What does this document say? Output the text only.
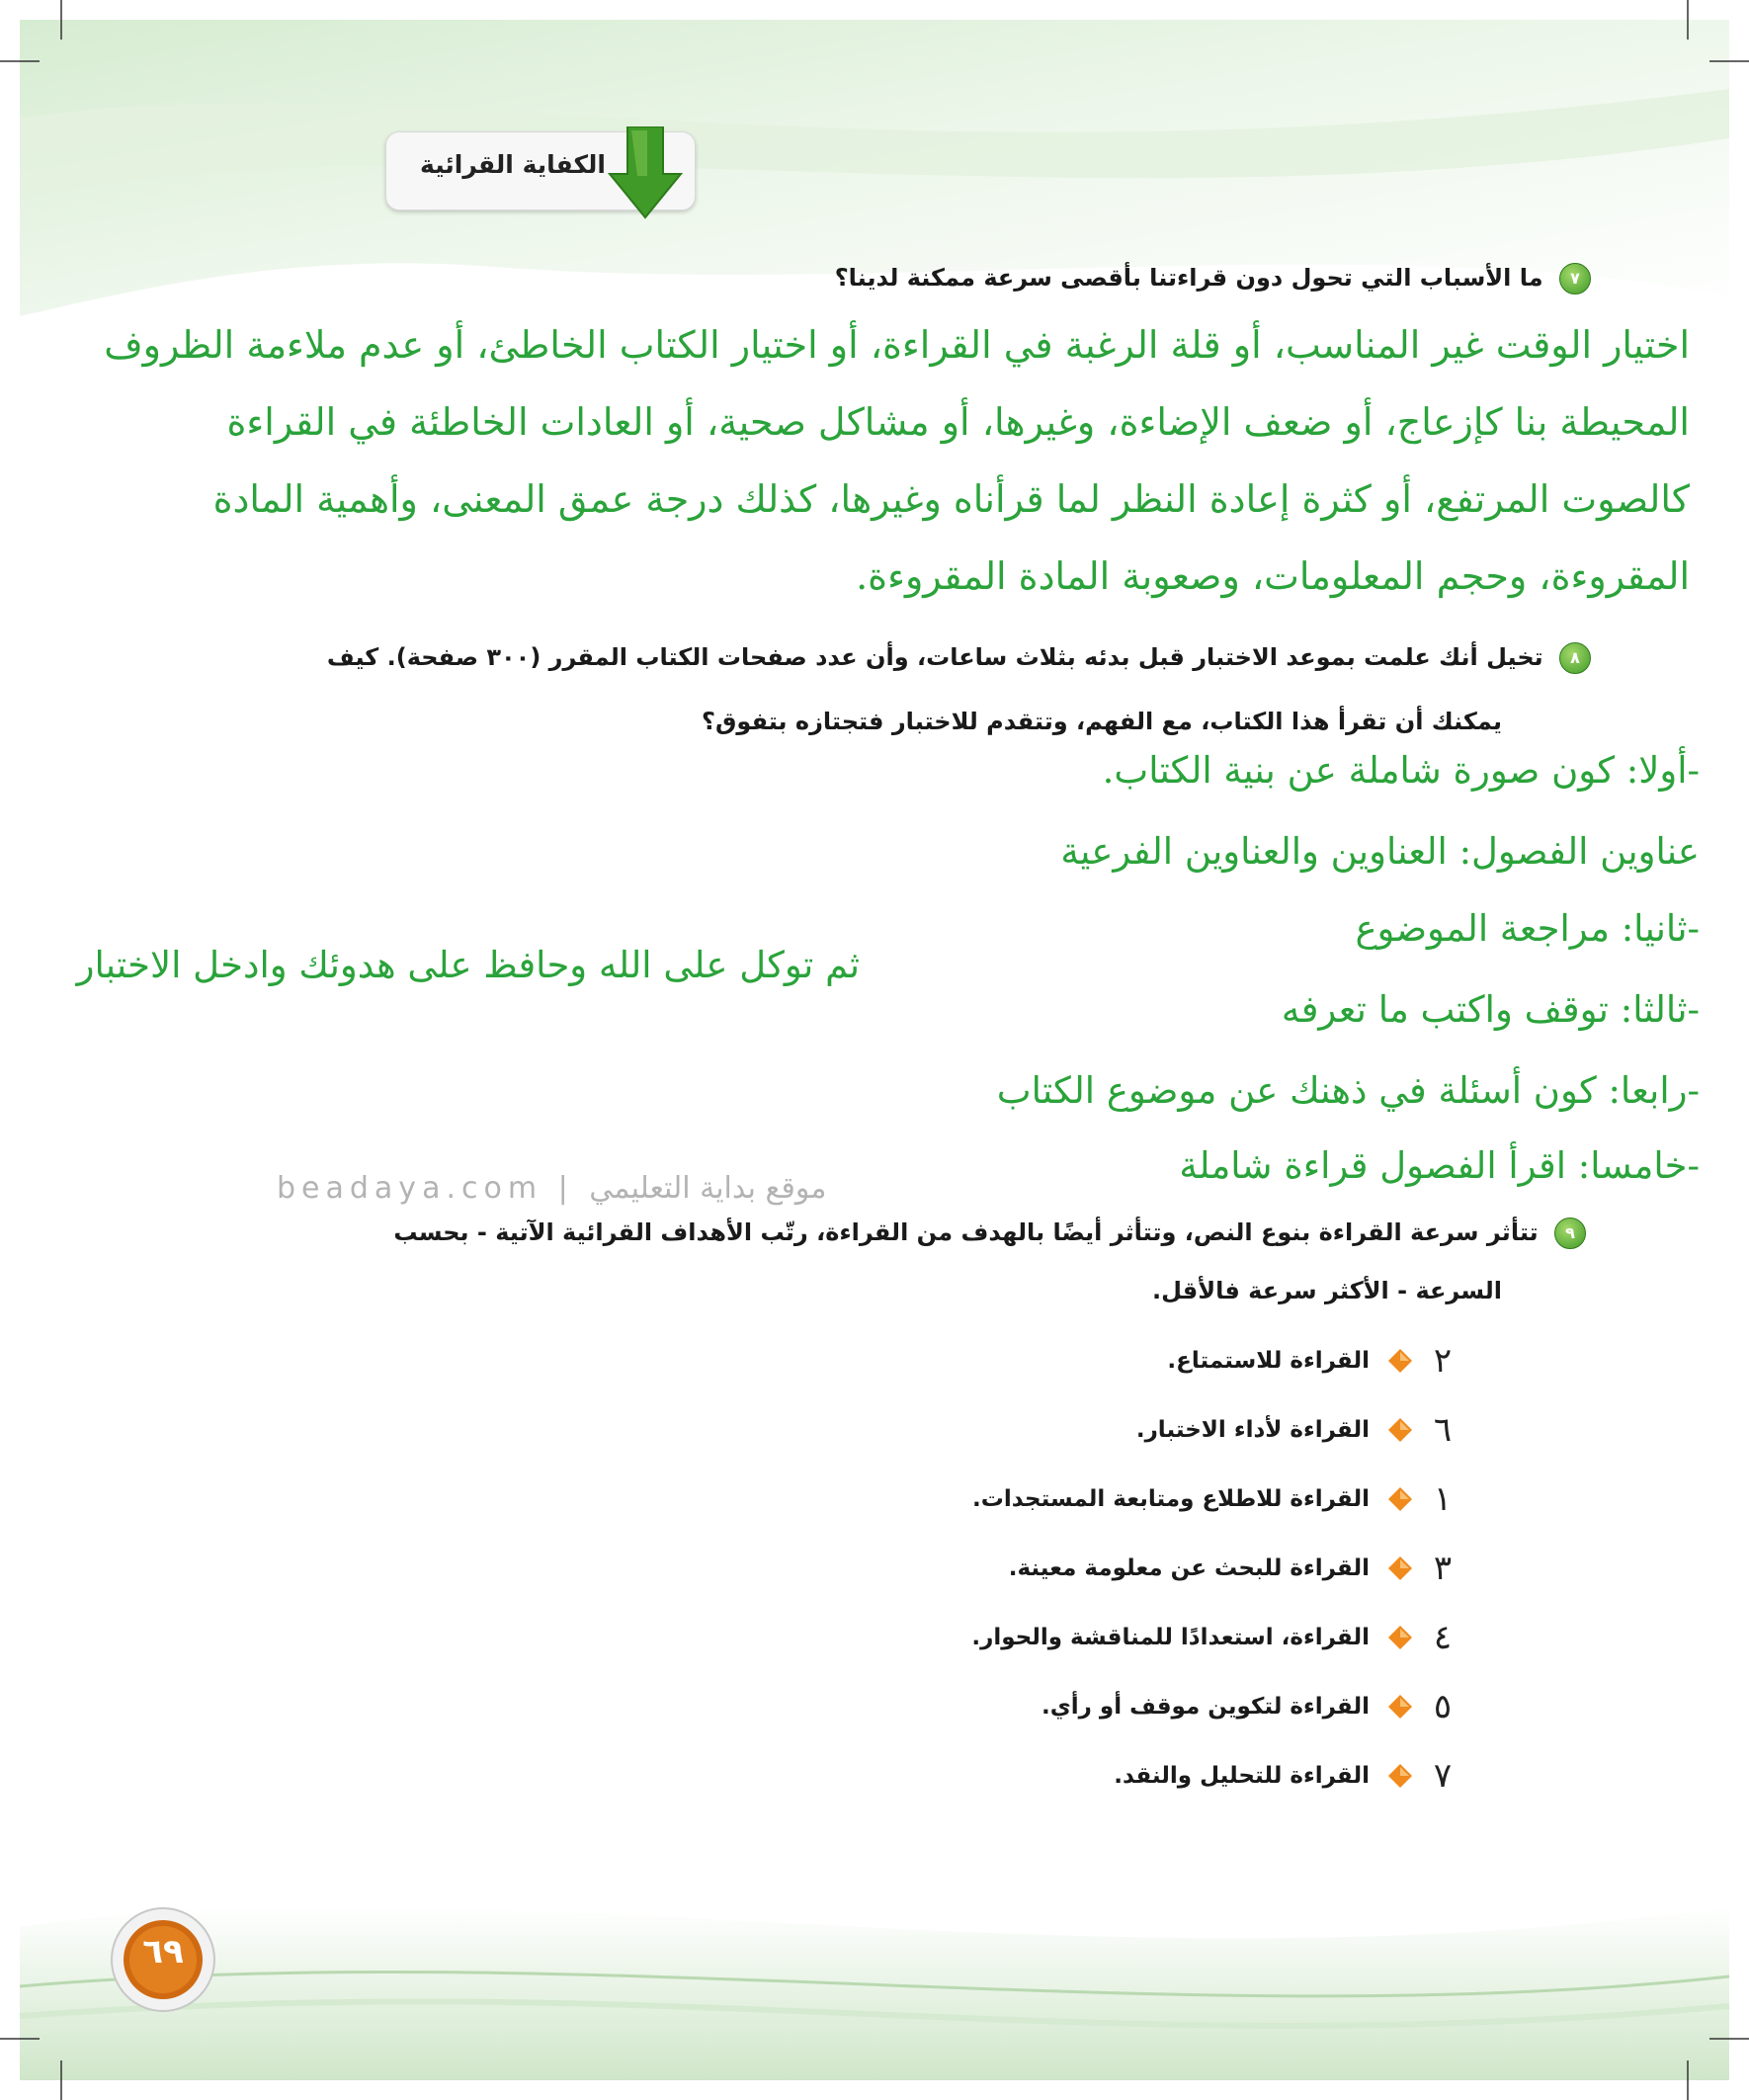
الكفاية القرائية
٧ ما الأسباب التي تحول دون قراءتنا بأقصى سرعة ممكنة لدينا؟
اختيار الوقت غير المناسب، أو قلة الرغبة في القراءة، أو اختيار الكتاب الخاطئ، أو عدم ملاءمة الظروف
المحيطة بنا كإزعاج، أو ضعف الإضاءة، وغيرها، أو مشاكل صحية، أو العادات الخاطئة في القراءة
كالصوت المرتفع، أو كثرة إعادة النظر لما قرأناه وغيرها، كذلك درجة عمق المعنى، وأهمية المادة
المقروءة، وحجم المعلومات، وصعوبة المادة المقروءة.
٨ تخيل أنك علمت بموعد الاختبار قبل بدئه بثلاث ساعات، وأن عدد صفحات الكتاب المقرر (٣٠٠ صفحة). كيف
يمكنك أن تقرأ هذا الكتاب، مع الفهم، وتتقدم للاختبار فتجتازه بتفوق؟
-أولا: كون صورة شاملة عن بنية الكتاب.
عناوين الفصول: العناوين والعناوين الفرعية
-ثانيا: مراجعة الموضوع
ثم توكل على الله وحافظ على هدوئك وادخل الاختبار
-ثالثا: توقف واكتب ما تعرفه
-رابعا: كون أسئلة في ذهنك عن موضوع الكتاب
-خامسا: اقرأ الفصول قراءة شاملة
beadaya.com | موقع بداية التعليمي
٩ تتأثر سرعة القراءة بنوع النص، وتتأثر أيضًا بالهدف من القراءة، رتّب الأهداف القرائية الآتية - بحسب
السرعة - الأكثر سرعة فالأقل.
٢
القراءة للاستمتاع.
٦
القراءة لأداء الاختبار.
١
القراءة للاطلاع ومتابعة المستجدات.
٣
القراءة للبحث عن معلومة معينة.
٤
القراءة، استعدادًا للمناقشة والحوار.
٥
القراءة لتكوين موقف أو رأي.
٧
القراءة للتحليل والنقد.
٦٩
